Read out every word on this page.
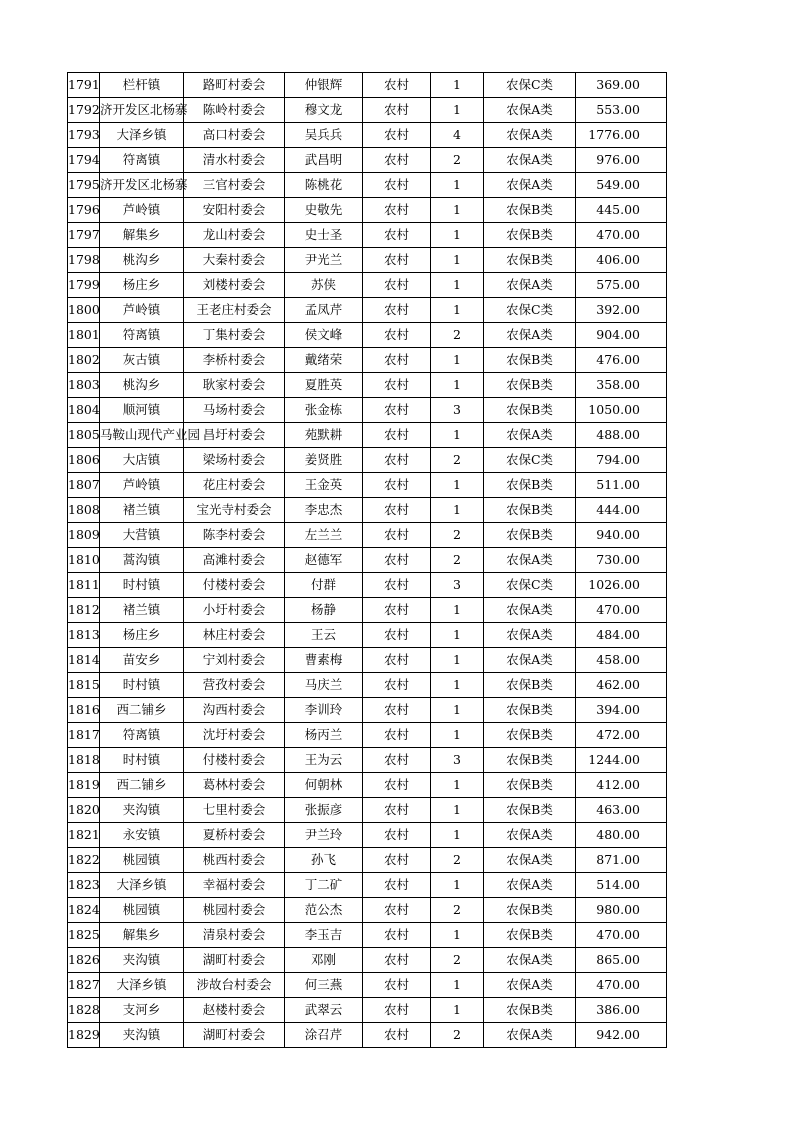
1791	栏杆镇	路町村委会	仲银辉	农村	1	农保C类	369.00
1792	济开发区北杨寨	陈岭村委会	穆文龙	农村	1	农保A类	553.00
1793	大泽乡镇	高口村委会	吴兵兵	农村	4	农保A类	1776.00
1794	符离镇	清水村委会	武昌明	农村	2	农保A类	976.00
1795	济开发区北杨寨	三官村委会	陈桃花	农村	1	农保A类	549.00
1796	芦岭镇	安阳村委会	史敬先	农村	1	农保B类	445.00
1797	解集乡	龙山村委会	史士圣	农村	1	农保B类	470.00
1798	桃沟乡	大秦村委会	尹光兰	农村	1	农保B类	406.00
1799	杨庄乡	刘楼村委会	苏侠	农村	1	农保A类	575.00
1800	芦岭镇	王老庄村委会	孟凤芹	农村	1	农保C类	392.00
1801	符离镇	丁集村委会	侯文峰	农村	2	农保A类	904.00
1802	灰古镇	李桥村委会	戴绪荣	农村	1	农保B类	476.00
1803	桃沟乡	耿家村委会	夏胜英	农村	1	农保B类	358.00
1804	顺河镇	马场村委会	张金栋	农村	3	农保B类	1050.00
1805	马鞍山现代产业园	昌圩村委会	苑默耕	农村	1	农保A类	488.00
1806	大店镇	梁场村委会	姜贤胜	农村	2	农保C类	794.00
1807	芦岭镇	花庄村委会	王金英	农村	1	农保B类	511.00
1808	褚兰镇	宝光寺村委会	李忠杰	农村	1	农保B类	444.00
1809	大营镇	陈李村委会	左兰兰	农村	2	农保B类	940.00
1810	蒿沟镇	高滩村委会	赵德军	农村	2	农保A类	730.00
1811	时村镇	付楼村委会	付群	农村	3	农保C类	1026.00
1812	褚兰镇	小圩村委会	杨静	农村	1	农保A类	470.00
1813	杨庄乡	林庄村委会	王云	农村	1	农保A类	484.00
1814	苗安乡	宁刘村委会	曹素梅	农村	1	农保A类	458.00
1815	时村镇	营孜村委会	马庆兰	农村	1	农保B类	462.00
1816	西二铺乡	沟西村委会	李训玲	农村	1	农保B类	394.00
1817	符离镇	沈圩村委会	杨丙兰	农村	1	农保B类	472.00
1818	时村镇	付楼村委会	王为云	农村	3	农保B类	1244.00
1819	西二铺乡	葛林村委会	何朝林	农村	1	农保B类	412.00
1820	夹沟镇	七里村委会	张振彦	农村	1	农保B类	463.00
1821	永安镇	夏桥村委会	尹兰玲	农村	1	农保A类	480.00
1822	桃园镇	桃西村委会	孙飞	农村	2	农保A类	871.00
1823	大泽乡镇	幸福村委会	丁二矿	农村	1	农保A类	514.00
1824	桃园镇	桃园村委会	范公杰	农村	2	农保B类	980.00
1825	解集乡	清泉村委会	李玉吉	农村	1	农保B类	470.00
1826	夹沟镇	湖町村委会	邓刚	农村	2	农保A类	865.00
1827	大泽乡镇	涉故台村委会	何三燕	农村	1	农保A类	470.00
1828	支河乡	赵楼村委会	武翠云	农村	1	农保B类	386.00
1829	夹沟镇	湖町村委会	涂召芹	农村	2	农保A类	942.00
